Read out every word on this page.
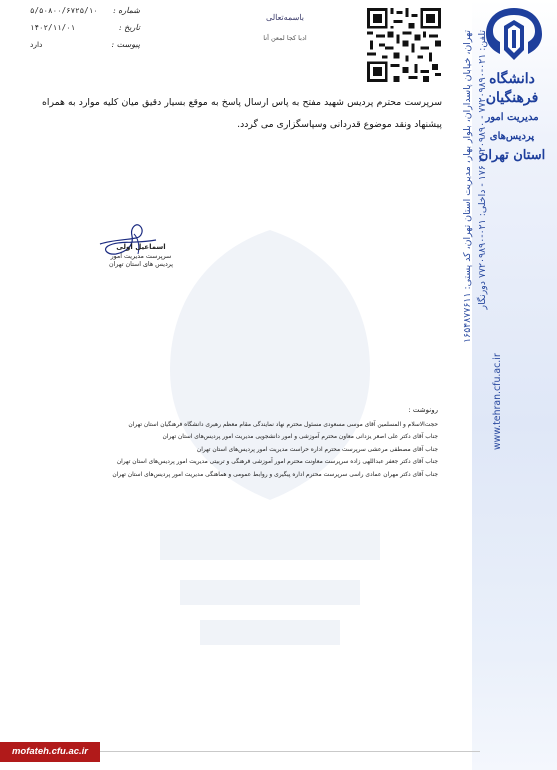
دانشگاه فرهنگیان
مدیریت امور پردیس‌های
استان تهران
تهران، خیابان پاسداران، بلوار بهار، مدیریت استان تهران، کد پستی: ۱۶۵۴۸۷۷۶۱۱
تلفن: ۰۲۱-۷۷۲۰۹۸۹۰ - ۷۷۲۰۹۸۹۰ ۱۷۶ - داخلی: ۰۲۱-۷۷۲۰۹۸۹۰ دورنگار
www.tehran.cfu.ac.ir
شماره :
۵/۵۰۸۰۰/۶۷۲۵/۱۰
تاریخ :
۱۴۰۲/۱۱/۰۱
پیوست :
دارد
باسمه‌تعالی
ادبا کجا لمعن أنا
سرپرست محترم پردیس شهید مفتح به پاس ارسال پاسخ به موقع بسیار دقیق میان کلیه موارد به همراه پیشنهاد ونقد موضوع قدردانی وسپاسگزاری می گردد.
اسماعیل اولی
سرپرست مدیریت امور
پردیس های استان تهران
رونوشت :
حجت‌الاسلام و المسلمین آقای موسی مسعودی مسئول محترم نهاد نمایندگی مقام معظم رهبری دانشگاه فرهنگیان استان تهران
جناب آقای دکتر علی اصغر یزدانی معاون محترم آموزشی و امور دانشجویی مدیریت امور پردیس‌های استان تهران
جناب آقای مصطفی مرعشی سرپرست محترم اداره حراست مدیریت امور پردیس‌های استان تهران
جناب آقای دکتر جعفر عبداللهی زاده سرپرست معاونت محترم امور آموزشی فرهنگی و تربیتی مدیریت امور پردیس‌های استان تهران
جناب آقای دکتر مهران عمادی راسی سرپرست محترم اداره پیگیری و روابط عمومی و هماهنگی مدیریت امور پردیس‌های استان تهران
mofateh.cfu.ac.ir
